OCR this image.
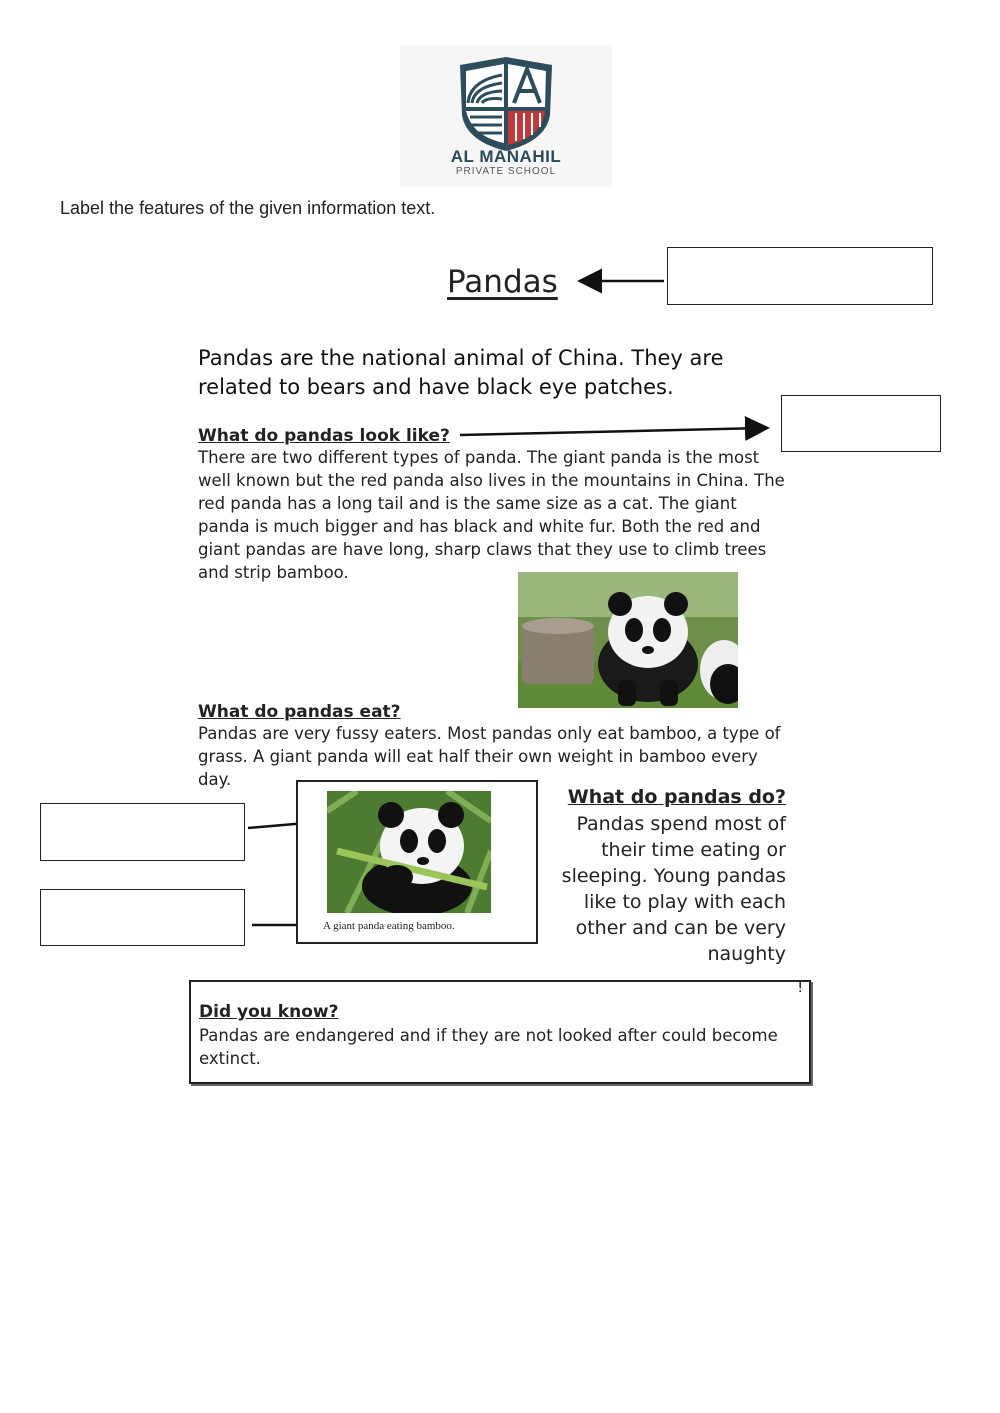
AL MANAHIL
PRIVATE SCHOOL
Label the features of the given information text.
Pandas
Pandas are the national animal of China. They are related to bears and have black eye patches.
What do pandas look like?
There are two different types of panda. The giant panda is the most well known but the red panda also lives in the mountains in China. The red panda has a long tail and is the same size as a cat. The giant panda is much bigger and has black and white fur. Both the red and giant pandas are have long, sharp claws that they use to climb trees and strip bamboo.
What do pandas eat?
Pandas are very fussy eaters. Most pandas only eat bamboo, a type of grass. A giant panda will eat half their own weight in bamboo every day.
A giant panda eating bamboo.
What do pandas do?
Pandas spend most of their time eating or sleeping. Young pandas like to play with each other and can be very naughty
!
Did you know?
Pandas are endangered and if they are not looked after could become extinct.
